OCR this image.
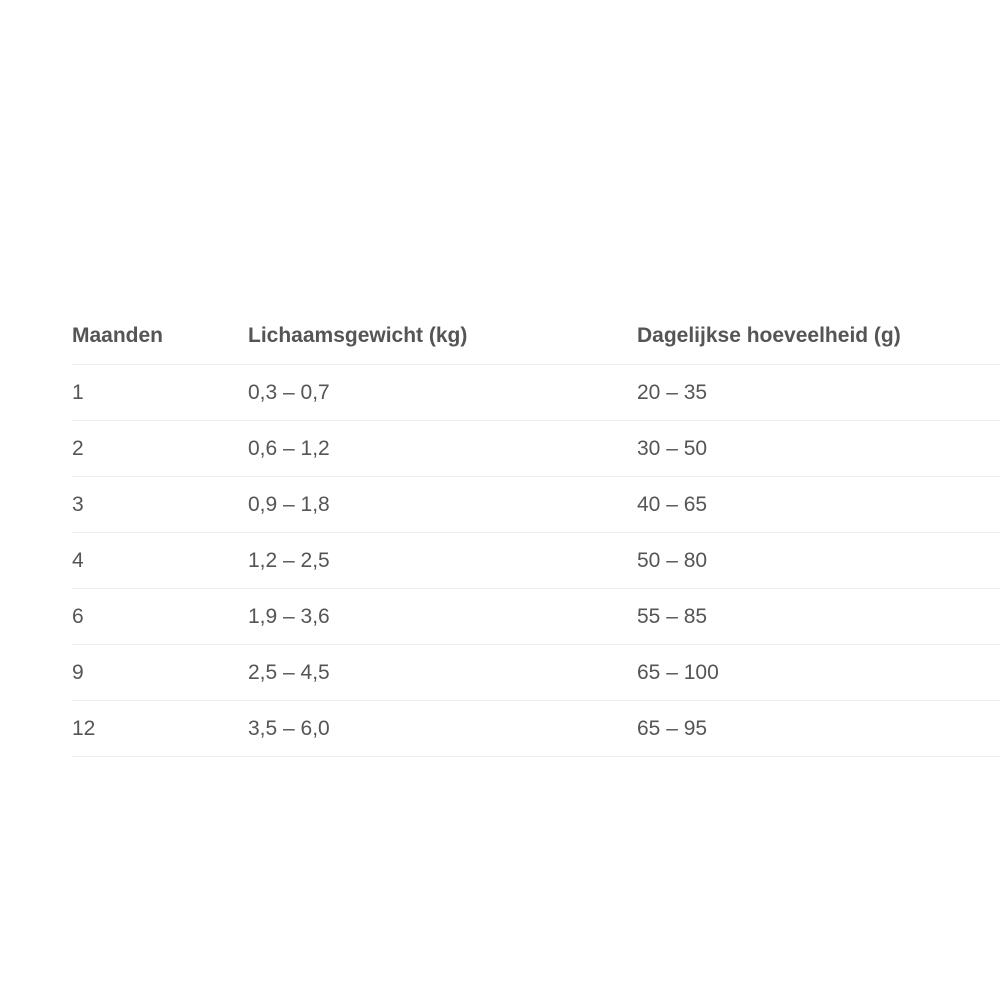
Maanden	Lichaamsgewicht (kg)	Dagelijkse hoeveelheid (g)
1	0,3 – 0,7	20 – 35
2	0,6 – 1,2	30 – 50
3	0,9 – 1,8	40 – 65
4	1,2 – 2,5	50 – 80
6	1,9 – 3,6	55 – 85
9	2,5 – 4,5	65 – 100
12	3,5 – 6,0	65 – 95
